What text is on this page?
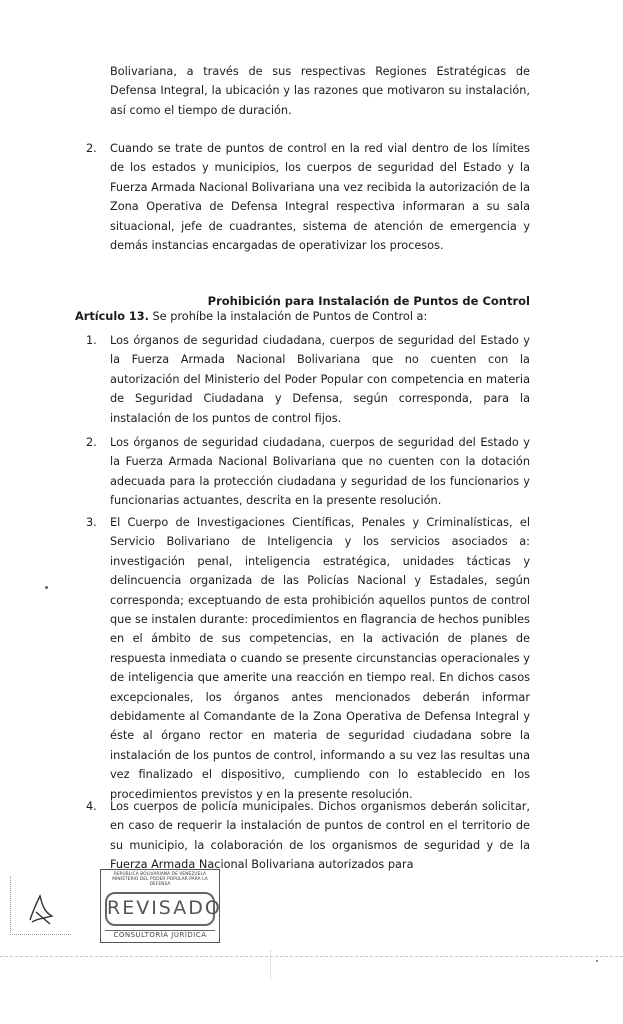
Bolivariana, a través de sus respectivas Regiones Estratégicas de Defensa Integral, la ubicación y las razones que motivaron su instalación, así como el tiempo de duración.

2.	Cuando se trate de puntos de control en la red vial dentro de los límites de los estados y municipios, los cuerpos de seguridad del Estado y la Fuerza Armada Nacional Bolivariana una vez recibida la autorización de la Zona Operativa de Defensa Integral respectiva informaran a su sala situacional, jefe de cuadrantes, sistema de atención de emergencia y demás instancias encargadas de operativizar los procesos.

Prohibición para Instalación de Puntos de Control

Artículo 13. Se prohíbe la instalación de Puntos de Control a:

1.	Los órganos de seguridad ciudadana, cuerpos de seguridad del Estado y la Fuerza Armada Nacional Bolivariana que no cuenten con la autorización del Ministerio del Poder Popular con competencia en materia de Seguridad Ciudadana y Defensa, según corresponda, para la instalación de los puntos de control fijos.

2.	Los órganos de seguridad ciudadana, cuerpos de seguridad del Estado y la Fuerza Armada Nacional Bolivariana que no cuenten con la dotación adecuada para la protección ciudadana y seguridad de los funcionarios y funcionarias actuantes, descrita en la presente resolución.

3.	El Cuerpo de Investigaciones Científicas, Penales y Criminalísticas, el Servicio Bolivariano de Inteligencia y los servicios asociados a: investigación penal, inteligencia estratégica, unidades tácticas y delincuencia organizada de las Policías Nacional y Estadales, según corresponda; exceptuando de esta prohibición aquellos puntos de control que se instalen durante: procedimientos en flagrancia de hechos punibles en el ámbito de sus competencias, en la activación de planes de respuesta inmediata o cuando se presente circunstancias operacionales y de inteligencia que amerite una reacción en tiempo real. En dichos casos excepcionales, los órganos antes mencionados deberán informar debidamente al Comandante de la Zona Operativa de Defensa Integral y éste al órgano rector en materia de seguridad ciudadana sobre la instalación de los puntos de control, informando a su vez las resultas una vez finalizado el dispositivo, cumpliendo con lo establecido en los procedimientos previstos y en la presente resolución.

4.	Los cuerpos de policía municipales. Dichos organismos deberán solicitar, en caso de requerir la instalación de puntos de control en el territorio de su municipio, la colaboración de los organismos de seguridad y de la Fuerza Armada Nacional Bolivariana autorizados para

REPÚBLICA BOLIVARIANA DE VENEZUELA MINISTERIO DEL PODER POPULAR PARA LA DEFENSA
REVISADO
CONSULTORÍA JURÍDICA
